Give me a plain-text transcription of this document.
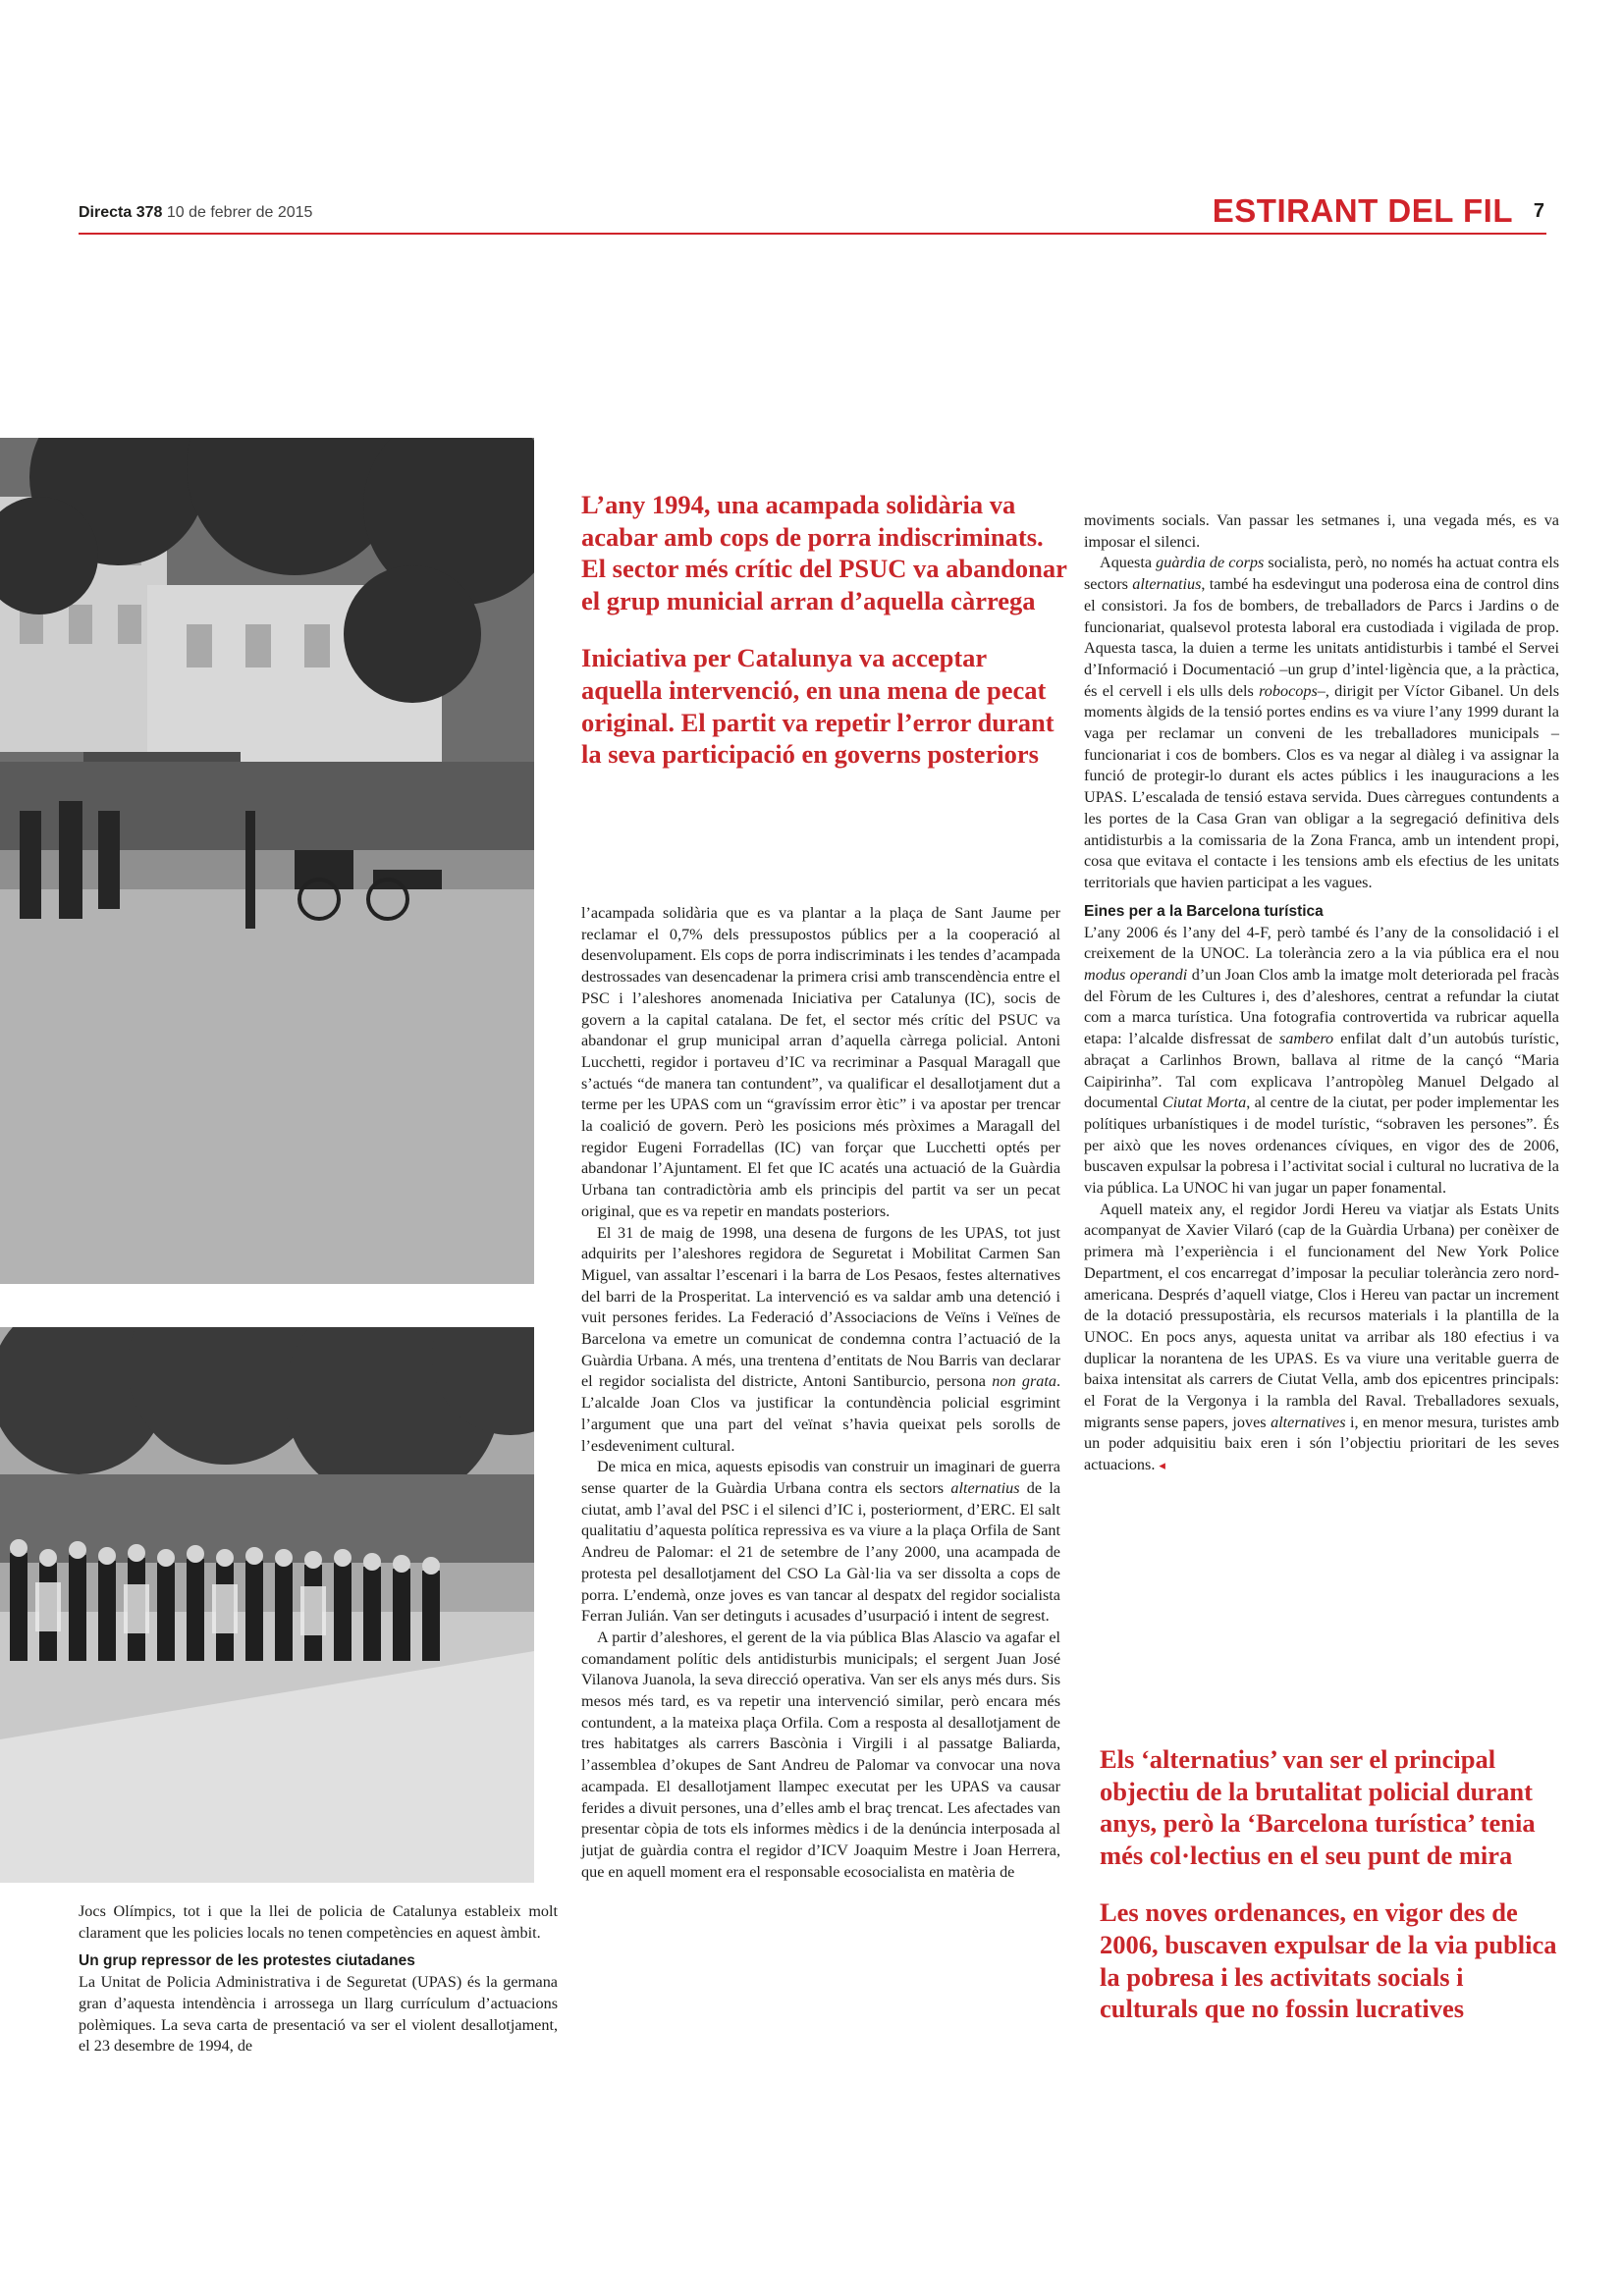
Directa 378 10 de febrer de 2015	ESTIRANT DEL FIL 7

L’any 1994, una acampada solidària va acabar amb cops de porra indiscriminats. El sector més crític del PSUC va abandonar el grup municial arran d’aquella càrrega

Iniciativa per Catalunya va acceptar aquella intervenció, en una mena de pecat original. El partit va repetir l’error durant la seva participació en governs posteriors

Jocs Olímpics, tot i que la llei de policia de Catalunya estableix molt clarament que les policies locals no tenen competències en aquest àmbit.

Un grup repressor de les protestes ciutadanes

La Unitat de Policia Administrativa i de Seguretat (UPAS) és la germana gran d’aquesta intendència i arrossega un llarg currículum d’actuacions polèmiques. La seva carta de presentació va ser el violent desallotjament, el 23 desembre de 1994, de

l’acampada solidària que es va plantar a la plaça de Sant Jaume per reclamar el 0,7% dels pressupostos públics per a la cooperació al desenvolupament. Els cops de porra indiscriminats i les tendes d’acampada destrossades van desencadenar la primera crisi amb transcendència entre el PSC i l’aleshores anomenada Iniciativa per Catalunya (IC), socis de govern a la capital catalana. De fet, el sector més crític del PSUC va abandonar el grup municipal arran d’aquella càrrega policial. Antoni Lucchetti, regidor i portaveu d’IC va recriminar a Pasqual Maragall que s’actués “de manera tan contundent”, va qualificar el desallotjament dut a terme per les UPAS com un “gravíssim error ètic” i va apostar per trencar la coalició de govern. Però les posicions més pròximes a Maragall del regidor Eugeni Forradellas (IC) van forçar que Lucchetti optés per abandonar l’Ajuntament. El fet que IC acatés una actuació de la Guàrdia Urbana tan contradictòria amb els principis del partit va ser un pecat original, que es va repetir en mandats posteriors.

El 31 de maig de 1998, una desena de furgons de les UPAS, tot just adquirits per l’aleshores regidora de Seguretat i Mobilitat Carmen San Miguel, van assaltar l’escenari i la barra de Los Pesaos, festes alternatives del barri de la Prosperitat. La intervenció es va saldar amb una detenció i vuit persones ferides. La Federació d’Associacions de Veïns i Veïnes de Barcelona va emetre un comunicat de condemna contra l’actuació de la Guàrdia Urbana. A més, una trentena d’entitats de Nou Barris van declarar el regidor socialista del districte, Antoni Santiburcio, persona non grata. L’alcalde Joan Clos va justificar la contundència policial esgrimint l’argument que una part del veïnat s’havia queixat pels sorolls de l’esdeveniment cultural.

De mica en mica, aquests episodis van construir un imaginari de guerra sense quarter de la Guàrdia Urbana contra els sectors alternatius de la ciutat, amb l’aval del PSC i el silenci d’IC i, posteriorment, d’ERC. El salt qualitatiu d’aquesta política repressiva es va viure a la plaça Orfila de Sant Andreu de Palomar: el 21 de setembre de l’any 2000, una acampada de protesta pel desallotjament del CSO La Gàl·lia va ser dissolta a cops de porra. L’endemà, onze joves es van tancar al despatx del regidor socialista Ferran Julián. Van ser detinguts i acusades d’usurpació i intent de segrest.

A partir d’aleshores, el gerent de la via pública Blas Alascio va agafar el comandament polític dels antidisturbis municipals; el sergent Juan José Vilanova Juanola, la seva direcció operativa. Van ser els anys més durs. Sis mesos més tard, es va repetir una intervenció similar, però encara més contundent, a la mateixa plaça Orfila. Com a resposta al desallotjament de tres habitatges als carrers Bascònia i Virgili i al passatge Baliarda, l’assemblea d’okupes de Sant Andreu de Palomar va convocar una nova acampada. El desallotjament llampec executat per les UPAS va causar ferides a divuit persones, una d’elles amb el braç trencat. Les afectades van presentar còpia de tots els informes mèdics i de la denúncia interposada al jutjat de guàrdia contra el regidor d’ICV Joaquim Mestre i Joan Herrera, que en aquell moment era el responsable ecosocialista en matèria de

moviments socials. Van passar les setmanes i, una vegada més, es va imposar el silenci.

Aquesta guàrdia de corps socialista, però, no només ha actuat contra els sectors alternatius, també ha esdevingut una poderosa eina de control dins el consistori. Ja fos de bombers, de treballadors de Parcs i Jardins o de funcionariat, qualsevol protesta laboral era custodiada i vigilada de prop. Aquesta tasca, la duien a terme les unitats antidisturbis i també el Servei d’Informació i Documentació –un grup d’intel·ligència que, a la pràctica, és el cervell i els ulls dels robocops–, dirigit per Víctor Gibanel. Un dels moments àlgids de la tensió portes endins es va viure l’any 1999 durant la vaga per reclamar un conveni de les treballadores municipals –funcionariat i cos de bombers. Clos es va negar al diàleg i va assignar la funció de protegir-lo durant els actes públics i les inauguracions a les UPAS. L’escalada de tensió estava servida. Dues càrregues contundents a les portes de la Casa Gran van obligar a la segregació definitiva dels antidisturbis a la comissaria de la Zona Franca, amb un intendent propi, cosa que evitava el contacte i les tensions amb els efectius de les unitats territorials que havien participat a les vagues.

Eines per a la Barcelona turística

L’any 2006 és l’any del 4-F, però també és l’any de la consolidació i el creixement de la UNOC. La tolerància zero a la via pública era el nou modus operandi d’un Joan Clos amb la imatge molt deteriorada pel fracàs del Fòrum de les Cultures i, des d’aleshores, centrat a refundar la ciutat com a marca turística. Una fotografia controvertida va rubricar aquella etapa: l’alcalde disfressat de sambero enfilat dalt d’un autobús turístic, abraçat a Carlinhos Brown, ballava al ritme de la cançó “Maria Caipirinha”. Tal com explicava l’antropòleg Manuel Delgado al documental Ciutat Morta, al centre de la ciutat, per poder implementar les polítiques urbanístiques i de model turístic, “sobraven les persones”. És per això que les noves ordenances cíviques, en vigor des de 2006, buscaven expulsar la pobresa i l’activitat social i cultural no lucrativa de la via pública. La UNOC hi van jugar un paper fonamental.

Aquell mateix any, el regidor Jordi Hereu va viatjar als Estats Units acompanyat de Xavier Vilaró (cap de la Guàrdia Urbana) per conèixer de primera mà l’experiència i el funcionament del New York Police Department, el cos encarregat d’imposar la peculiar tolerància zero nord-americana. Després d’aquell viatge, Clos i Hereu van pactar un increment de la dotació pressupostària, els recursos materials i la plantilla de la UNOC. En pocs anys, aquesta unitat va arribar als 180 efectius i va duplicar la norantena de les UPAS. Es va viure una veritable guerra de baixa intensitat als carrers de Ciutat Vella, amb dos epicentres principals: el Forat de la Vergonya i la rambla del Raval. Treballadores sexuals, migrants sense papers, joves alternatives i, en menor mesura, turistes amb un poder adquisitiu baix eren i són l’objectiu prioritari de les seves actuacions. ◂

Els ‘alternatius’ van ser el principal objectiu de la brutalitat policial durant anys, però la ‘Barcelona turística’ tenia més col·lectius en el seu punt de mira

Les noves ordenances, en vigor des de 2006, buscaven expulsar de la via publica la pobresa i les activitats socials i culturals que no fossin lucratives
